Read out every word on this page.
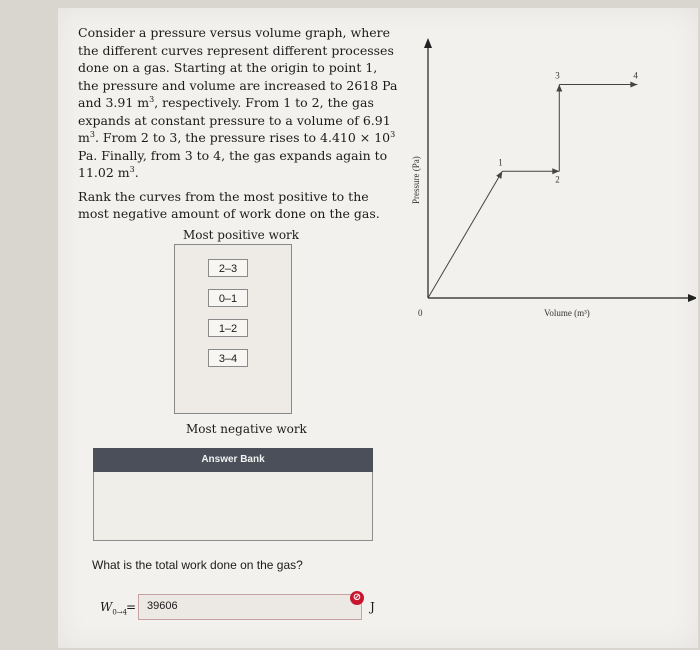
Consider a pressure versus volume graph, where the different curves represent different processes done on a gas. Starting at the origin to point 1, the pressure and volume are increased to 2618 Pa and 3.91 $m^3$, respectively. From 1 to 2, the gas expands at constant pressure to a volume of 6.91 $m^3$. From 2 to 3, the pressure rises to $4.410 \times 10^3$ Pa. Finally, from 3 to 4, the gas expands again to 11.02 $m^3$.

Rank the curves from the most positive to the most negative amount of work done on the gas.

Most positive work
2–3
0–1
1–2
3–4
Most negative work
Answer Bank
What is the total work done on the gas?
$W_{0\to 4}$
= 39606
⊘
J
0	Volume (m³)
Pressure (Pa)	1
2
3	4
